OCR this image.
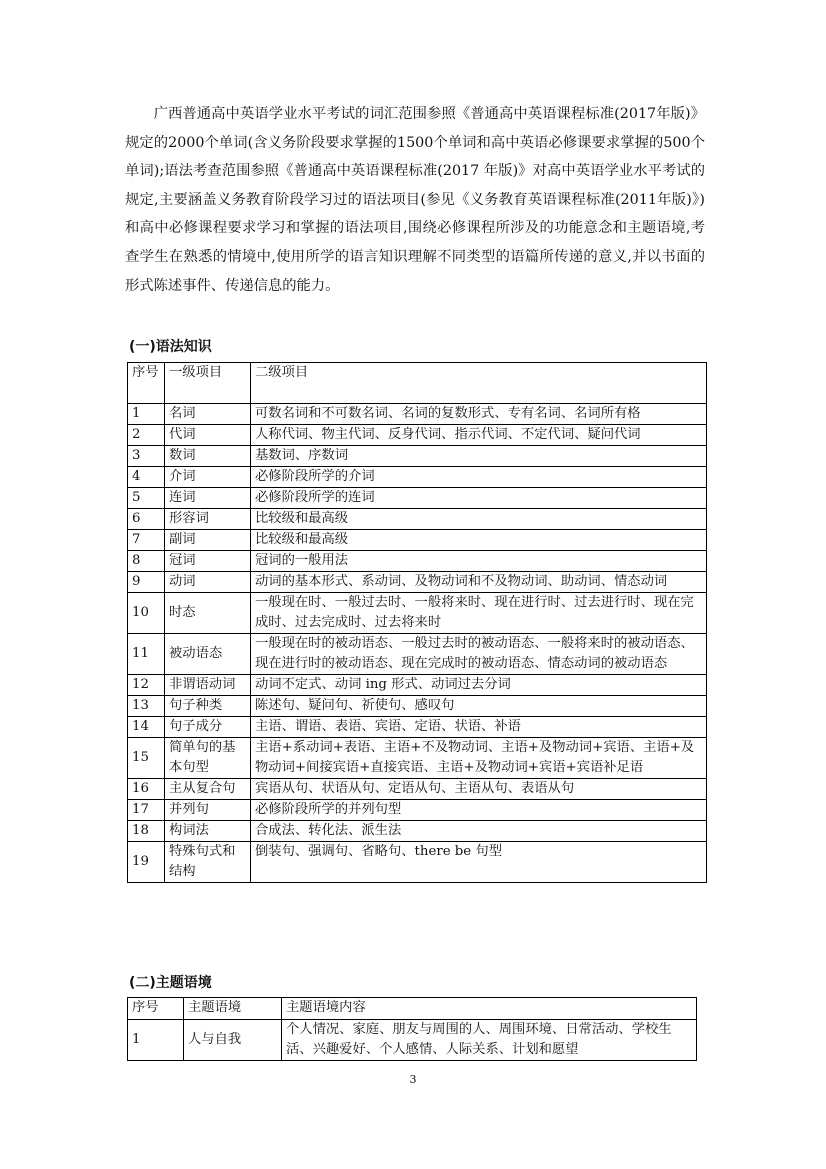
广西普通高中英语学业水平考试的词汇范围参照《普通高中英语课程标准(2017年版)》规定的2000个单词(含义务阶段要求掌握的1500个单词和高中英语必修课要求掌握的500个单词);语法考查范围参照《普通高中英语课程标准(2017 年版)》对高中英语学业水平考试的规定,主要涵盖义务教育阶段学习过的语法项目(参见《义务教育英语课程标准(2011年版)》)和高中必修课程要求学习和掌握的语法项目,围绕必修课程所涉及的功能意念和主题语境,考查学生在熟悉的情境中,使用所学的语言知识理解不同类型的语篇所传递的意义,并以书面的形式陈述事件、传递信息的能力。
(一)语法知识
序号	一级项目	二级项目
1	名词	可数名词和不可数名词、名词的复数形式、专有名词、名词所有格
2	代词	人称代词、物主代词、反身代词、指示代词、不定代词、疑问代词
3	数词	基数词、序数词
4	介词	必修阶段所学的介词
5	连词	必修阶段所学的连词
6	形容词	比较级和最高级
7	副词	比较级和最高级
8	冠词	冠词的一般用法
9	动词	动词的基本形式、系动词、及物动词和不及物动词、助动词、情态动词
10	时态	一般现在时、一般过去时、一般将来时、现在进行时、过去进行时、现在完成时、过去完成时、过去将来时
11	被动语态	一般现在时的被动语态、一般过去时的被动语态、一般将来时的被动语态、现在进行时的被动语态、现在完成时的被动语态、情态动词的被动语态
12	非谓语动词	动词不定式、动词 ing 形式、动词过去分词
13	句子种类	陈述句、疑问句、祈使句、感叹句
14	句子成分	主语、谓语、表语、宾语、定语、状语、补语
15	简单句的基本句型	主语+系动词+表语、主语+不及物动词、主语+及物动词+宾语、主语+及物动词+间接宾语+直接宾语、主语+及物动词+宾语+宾语补足语
16	主从复合句	宾语从句、状语从句、定语从句、主语从句、表语从句
17	并列句	必修阶段所学的并列句型
18	构词法	合成法、转化法、派生法
19	特殊句式和结构	倒装句、强调句、省略句、there be 句型
(二)主题语境
序号	主题语境	主题语境内容
1	人与自我	个人情况、家庭、朋友与周围的人、周围环境、日常活动、学校生活、兴趣爱好、个人感情、人际关系、计划和愿望
3
